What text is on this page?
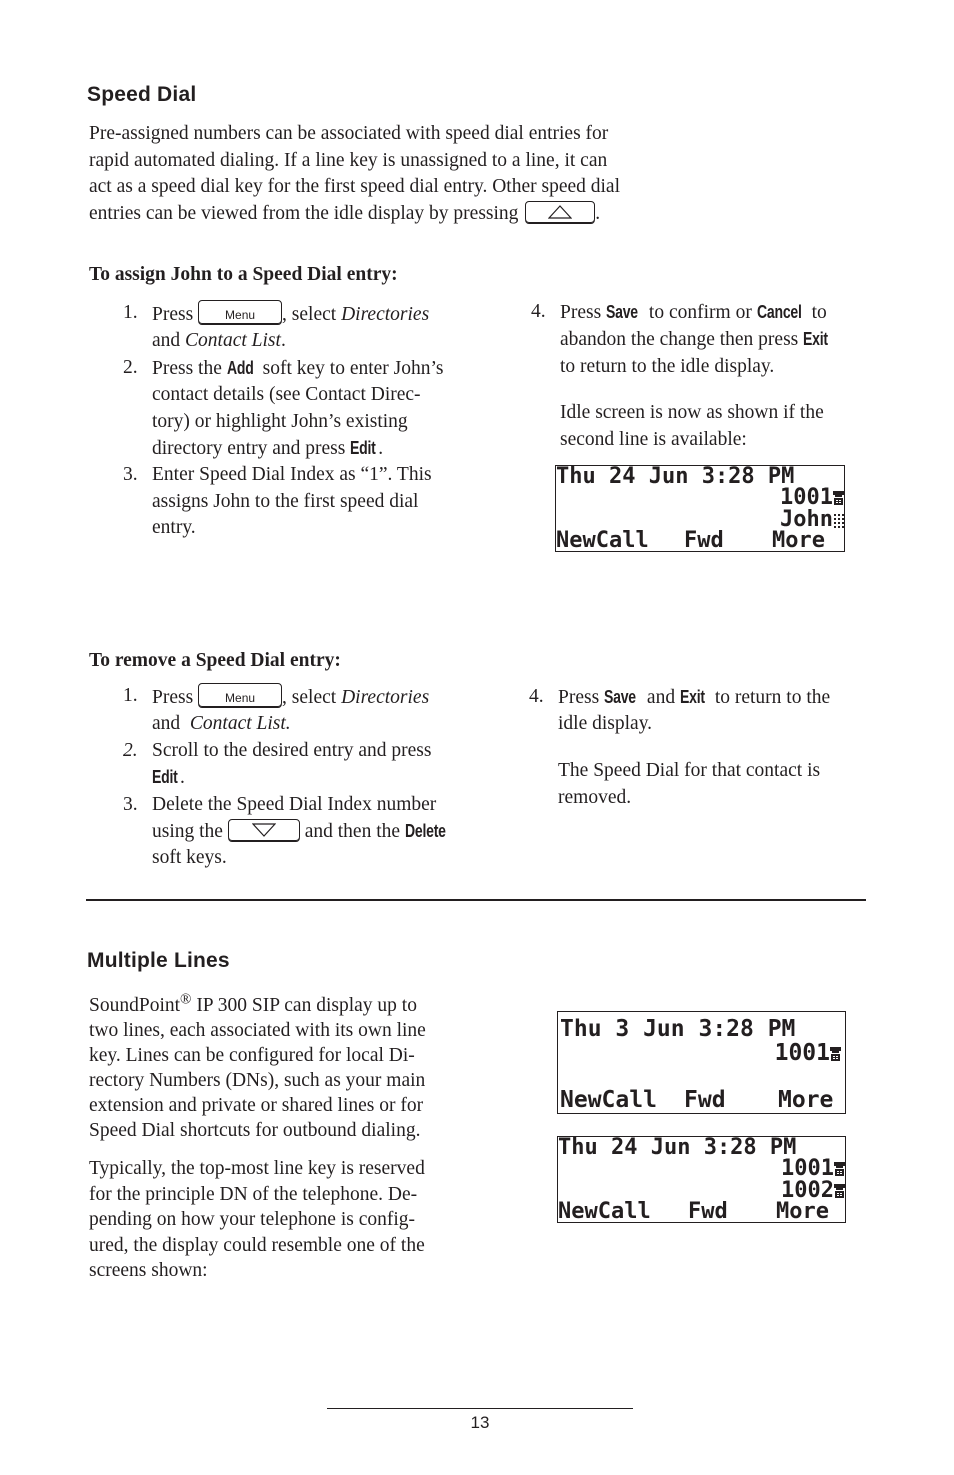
Speed Dial
Pre-assigned numbers can be associated with speed dial entries for
rapid automated dialing. If a line key is unassigned to a line, it can
act as a speed dial key for the first speed dial entry. Other speed dial
entries can be viewed from the idle display by pressing	.
To assign John to a Speed Dial entry:
1. Press	Menu	, select Directories
and Contact List.
2. Press the Add soft key to enter John’s
contact details (see Contact Direc-
tory) or highlight John’s existing
directory entry and press Edit .
3. Enter Speed Dial Index as “1”. This
assigns John to the first speed dial
entry.
4. Press Save to confirm or Cancel to
abandon the change then press Exit
to return to the idle display.
Idle screen is now as shown if the
second line is available:
Thu 24 Jun 3:28 PM
1001
John
NewCall Fwd More
To remove a Speed Dial entry:
1. Press	Menu	, select Directories
and Contact List.
2. Scroll to the desired entry and press
Edit .
3. Delete the Speed Dial Index number
using the	and then the Delete
soft keys.
4. Press Save and Exit to return to the
idle display.
The Speed Dial for that contact is
removed.
Multiple Lines
SoundPoint® IP 300 SIP can display up to
two lines, each associated with its own line
key. Lines can be configured for local Di-
rectory Numbers (DNs), such as your main
extension and private or shared lines or for
Speed Dial shortcuts for outbound dialing.
Typically, the top-most line key is reserved
for the principle DN of the telephone. De-
pending on how your telephone is config-
ured, the display could resemble one of the
screens shown:
Thu 3 Jun 3:28 PM
1001
NewCall Fwd More
Thu 24 Jun 3:28 PM
1001
1002
NewCall Fwd More
13
